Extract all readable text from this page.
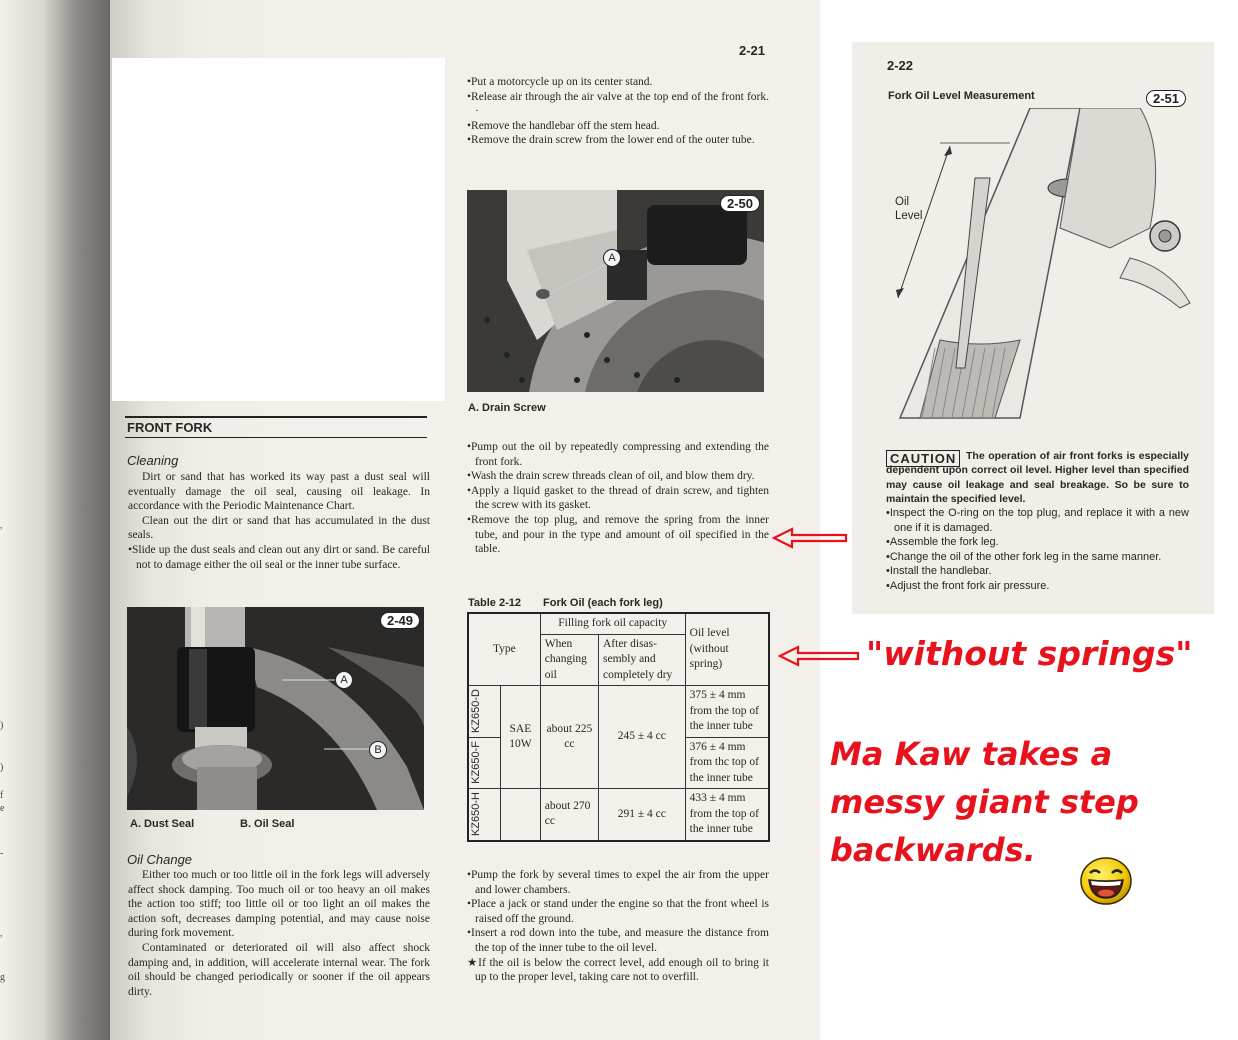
,
)
)
f
e
-
,
g
FRONT FORK
Cleaning

Dirt or sand that has worked its way past a dust seal will eventually damage the oil seal, causing oil leakage. In accordance with the Periodic Maintenance Chart.

Clean out the dirt or sand that has accumulated in the dust seals.

•Slide up the dust seals and clean out any dirt or sand. Be careful not to damage either the oil seal or the inner tube surface.

2-49
A
B
A. Dust Seal	B. Oil Seal
Oil Change

Either too much or too little oil in the fork legs will adversely affect shock damping. Too much oil or too heavy an oil makes the action too stiff; too little oil or too light an oil makes the action soft, decreases damping potential, and may cause noise during fork movement.

Contaminated or deteriorated oil will also affect shock damping and, in addition, will accelerate internal wear. The fork oil should be changed periodically or sooner if the oil appears dirty.

2-21

•Put a motorcycle up on its center stand.

•Release air through the air valve at the top end of the front fork. ·

•Remove the handlebar off the stem head.

•Remove the drain screw from the lower end of the outer tube.

2-50
A
A. Drain Screw

•Pump out the oil by repeatedly compressing and extending the front fork.

•Wash the drain screw threads clean of oil, and blow them dry.

•Apply a liquid gasket to the thread of drain screw, and tighten the screw with its gasket.

•Remove the top plug, and remove the spring from the inner tube, and pour in the type and amount of oil specified in the table.

Table 2-12 Fork Oil (each fork leg)
Type		Filling fork oil capacity		Oil level (without spring)
		When changing oil	After disas- sembly and completely dry	

KZ650-D	SAE 10W	about 225 cc	245 ± 4 cc	375 ± 4 mm from the top of the inner tube

KZ650-F				376 ± 4 mm from thc top of the inner tube

KZ650-H		about 270 cc	291 ± 4 cc	433 ± 4 mm from the top of the inner tube

•Pump the fork by several times to expel the air from the upper and lower chambers.

•Place a jack or stand under the engine so that the front wheel is raised off the ground.

•Insert a rod down into the tube, and measure the distance from the top of the inner tube to the oil level.

★If the oil is below the correct level, add enough oil to bring it up to the proper level, taking care not to overfill.

2-22
Fork Oil Level Measurement	2-51
Oil Level
CAUTION The operation of air front forks is especially dependent upon correct oil level. Higher level than specified may cause oil leakage and seal breakage. So be sure to maintain the specified level.

•Inspect the O-ring on the top plug, and replace it with a new one if it is damaged.

•Assemble the fork leg.

•Change the oil of the other fork leg in the same manner.

•Install the handlebar.

•Adjust the front fork air pressure.

"without springs"
Ma Kaw takes a
messy giant step
backwards.
